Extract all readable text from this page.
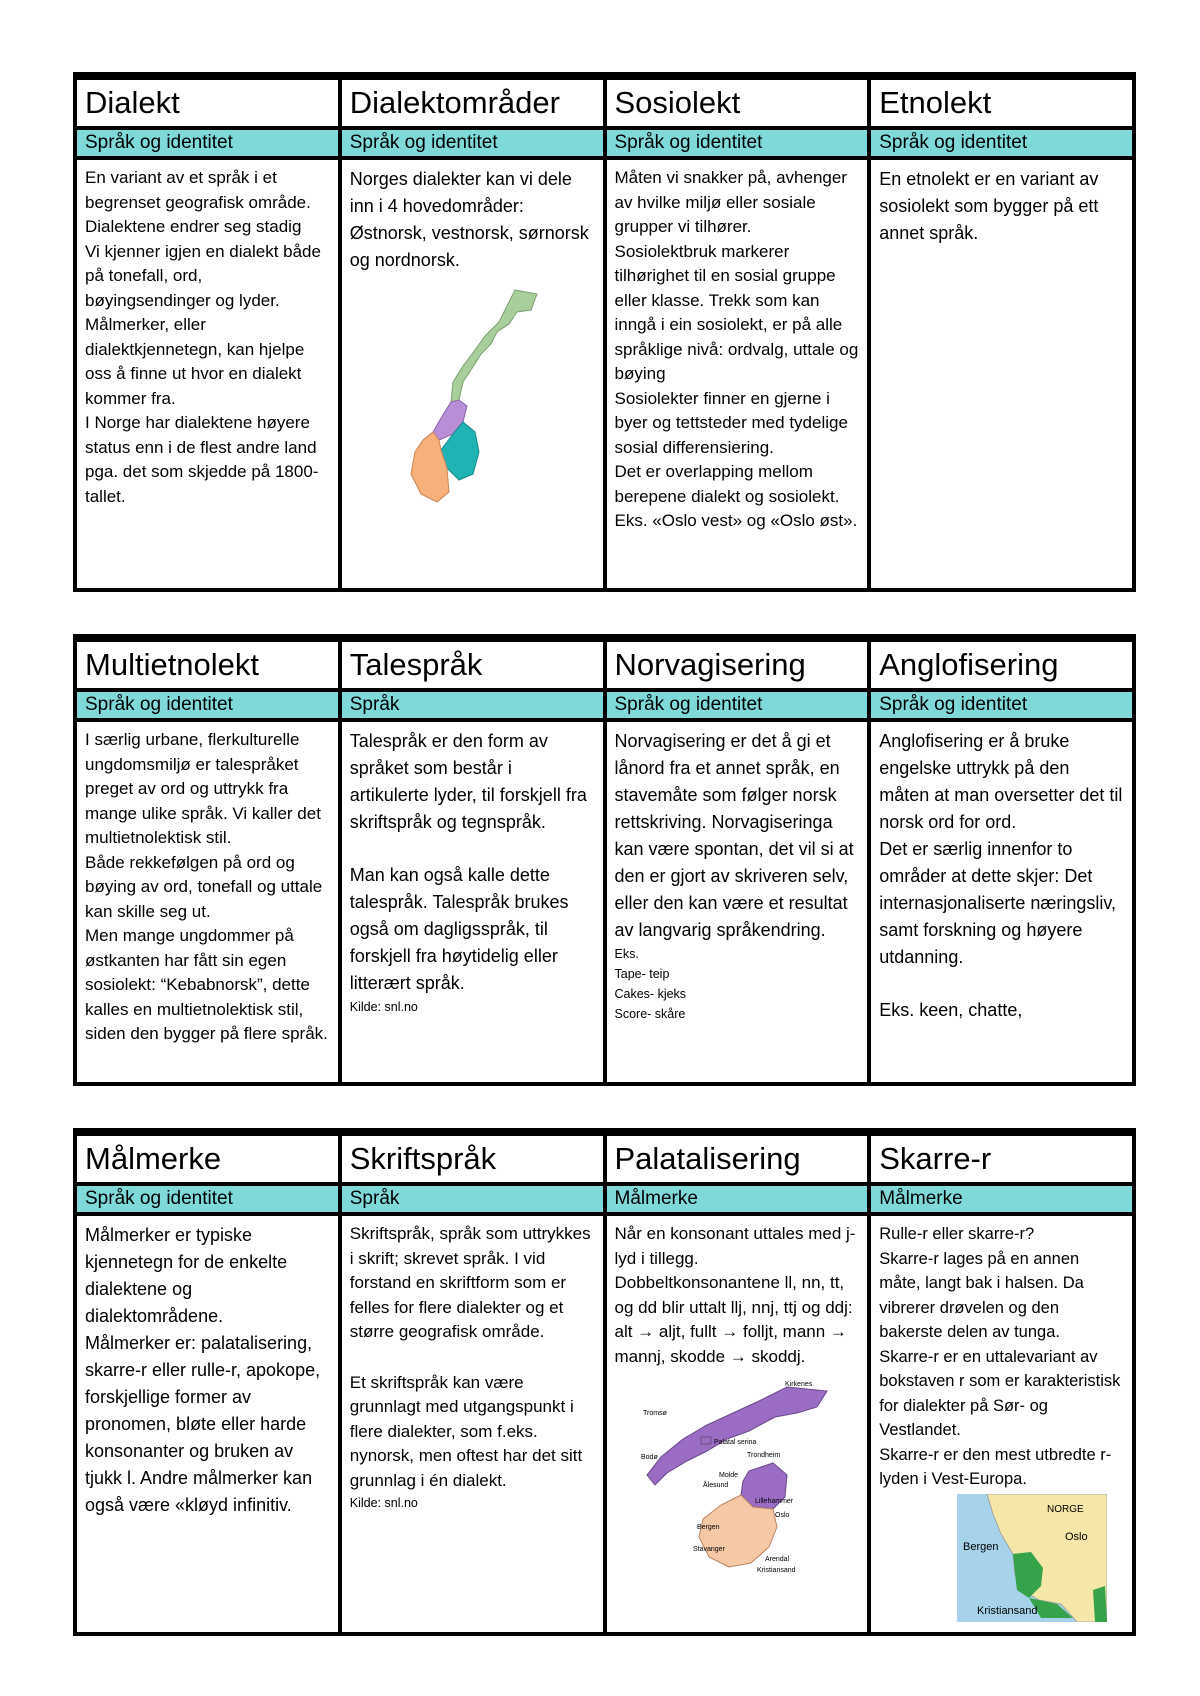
Dialekt
Språk og identitet

En variant av et språk i et begrenset geografisk område. Dialektene endrer seg stadig

Vi kjenner igjen en dialekt både på tonefall, ord, bøyingsendinger og lyder.

Målmerker, eller dialektkjennetegn, kan hjelpe oss å finne ut hvor en dialekt kommer fra.

I Norge har dialektene høyere status enn i de flest andre land pga. det som skjedde på 1800-tallet.

Dialektområder
Språk og identitet

Norges dialekter kan vi dele inn i 4 hovedområder: Østnorsk, vestnorsk, sørnorsk og nordnorsk.

Sosiolekt
Språk og identitet

Måten vi snakker på, avhenger av hvilke miljø eller sosiale grupper vi tilhører.

Sosiolektbruk markerer tilhørighet til en sosial gruppe eller klasse. Trekk som kan inngå i ein sosiolekt, er på alle språklige nivå: ordvalg, uttale og bøying

Sosiolekter finner en gjerne i byer og tettsteder med tydelige sosial differensiering.

Det er overlapping mellom berepene dialekt og sosiolekt. Eks. «Oslo vest» og «Oslo øst».

Etnolekt
Språk og identitet

En etnolekt er en variant av sosiolekt som bygger på ett annet språk.

Multietnolekt
Språk og identitet

I særlig urbane, flerkulturelle ungdomsmiljø er talespråket preget av ord og uttrykk fra mange ulike språk. Vi kaller det multietnolektisk stil.

Både rekkefølgen på ord og bøying av ord, tonefall og uttale kan skille seg ut.

Men mange ungdommer på østkanten har fått sin egen sosiolekt: “Kebabnorsk”, dette kalles en multietnolektisk stil, siden den bygger på flere språk.

Talespråk
Språk

Talespråk er den form av språket som består i artikulerte lyder, til forskjell fra skriftspråk og tegnspråk.

Man kan også kalle dette talespråk. Talespråk brukes også om dagligsspråk, til forskjell fra høytidelig eller litterært språk.

Kilde: snl.no

Norvagisering
Språk og identitet

Norvagisering er det å gi et lånord fra et annet språk, en stavemåte som følger norsk rettskriving. Norvagiseringa kan være spontan, det vil si at den er gjort av skriveren selv, eller den kan være et resultat av langvarig språkendring.

Eks.

Tape- teip

Cakes- kjeks

Score- skåre

Anglofisering
Språk og identitet

Anglofisering er å bruke engelske uttrykk på den måten at man oversetter det til norsk ord for ord.

Det er særlig innenfor to områder at dette skjer: Det internasjonaliserte næringsliv, samt forskning og høyere utdanning.

Eks. keen, chatte,

Målmerke
Språk og identitet

Målmerker er typiske kjennetegn for de enkelte dialektene og dialektområdene.

Målmerker er: palatalisering, skarre-r eller rulle-r, apokope, forskjellige former av pronomen, bløte eller harde konsonanter og bruken av tjukk l. Andre målmerker kan også være «kløyd infinitiv.

Skriftspråk
Språk

Skriftspråk, språk som uttrykkes i skrift; skrevet språk. I vid forstand en skriftform som er felles for flere dialekter og et større geografisk område.

Et skriftspråk kan være grunnlagt med utgangspunkt i flere dialekter, som f.eks. nynorsk, men oftest har det sitt grunnlag i én dialekt.

Kilde: snl.no

Palatalisering
Målmerke

Når en konsonant uttales med j-lyd i tillegg.

Dobbeltkonsonantene ll, nn, tt, og dd blir uttalt llj, nnj, ttj og ddj:

alt → aljt, fullt → folljt, mann → mannj, skodde → skoddj.

Palatal serina
Kirkenes
Tromsø
Trondheim
Bodø
Molde
Ålesund
Lillehammer
Oslo
Bergen
Stavanger
Arendal
Kristiansand
Skarre-r
Målmerke

Rulle-r eller skarre-r?

Skarre-r lages på en annen måte, langt bak i halsen. Da vibrerer drøvelen og den bakerste delen av tunga.

Skarre-r er en uttalevariant av bokstaven r som er karakteristisk for dialekter på Sør- og Vestlandet.

Skarre-r er den mest utbredte r-lyden i Vest-Europa.

NORGE
Bergen
Oslo
Kristiansand
